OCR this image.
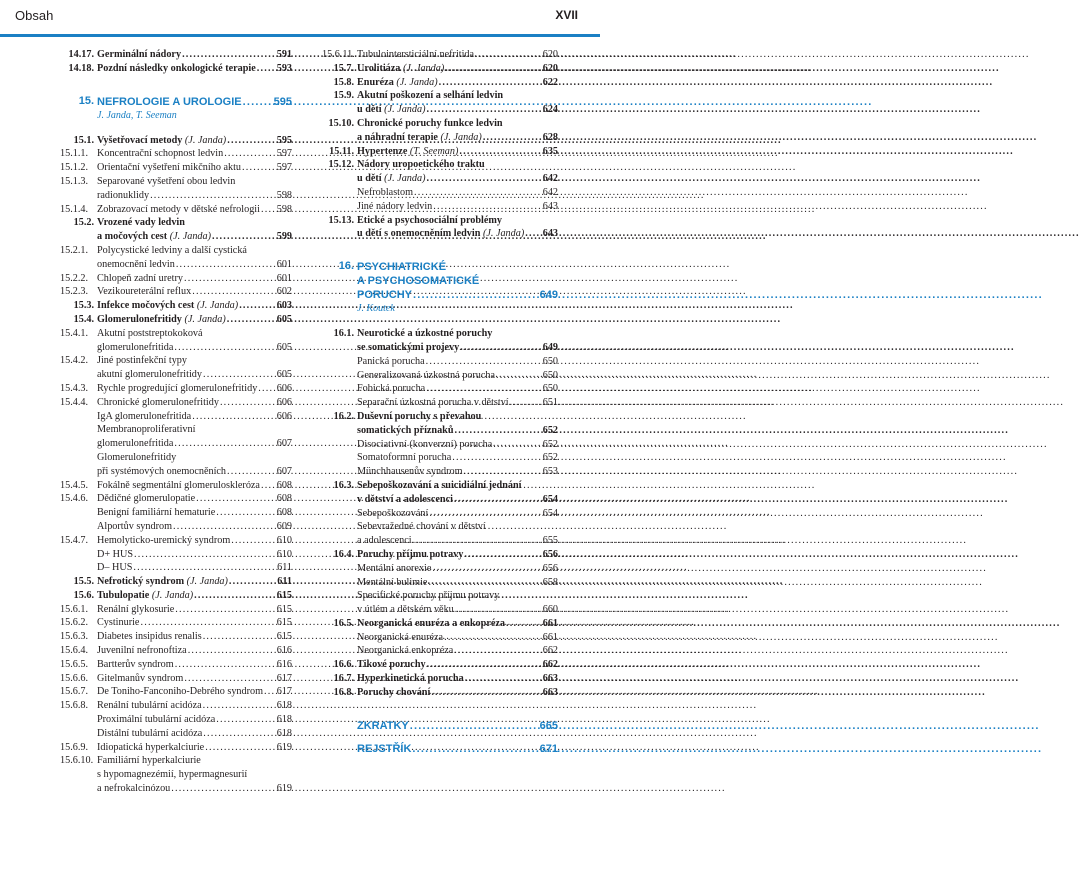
Obsah	XVII
14.17. Germinální nádory .....	591
14.18. Pozdní následky onkologické terapie ..... 593
15. NEFROLOGIE A UROLOGIE .....	595
J. Janda, T. Seeman
15.1. Vyšetřovací metody (J. Janda) .....	595
15.1.1. Koncentrační schopnost ledvin .....	597
15.1.2. Orientační vyšetření mikčního aktu .....	597
15.1.3. Separované vyšetření obou ledvin
radionuklidy .....	598
15.1.4. Zobrazovací metody v dětské nefrologii ..... 598
15.2. Vrozené vady ledvin
a močových cest (J. Janda) .....	599
15.2.1. Polycystické ledviny a další cystická
onemocnění ledvin .....	601
15.2.2. Chlopeň zadní uretry .....	601
15.2.3. Vezikoureterální reflux .....	602
15.3. Infekce močových cest (J. Janda) .....	603
15.4. Glomerulonefritidy (J. Janda) .....	605
15.4.1. Akutní poststreptokoková
glomerulonefritida .....	605
15.4.2. Jiné postinfekční typy
akutní glomerulonefritidy .....	605
15.4.3. Rychle progredující glomerulonefritidy ..... 606
15.4.4. Chronické glomerulonefritidy .....	606
IgA glomerulonefritida .....	606
Membranoproliferativní
glomerulonefritida .....	607
Glomerulonefritidy
při systémových onemocněních .....	607
15.4.5. Fokálně segmentální glomeruloskleróza ..... 608
15.4.6. Dědičné glomerulopatie .....	608
Benigní familiární hematurie .....	608
Alportův syndrom .....	609
15.4.7. Hemolyticko-uremický syndrom .....	610
D+ HUS .....	610
D– HUS .....	611
15.5. Nefrotický syndrom (J. Janda) .....	611
15.6. Tubulopatie (J. Janda) .....	615
15.6.1. Renální glykosurie .....	615
15.6.2. Cystinurie .....	615
15.6.3. Diabetes insipidus renalis .....	615
15.6.4. Juvenilní nefronoftiza .....	616
15.6.5. Bartterův syndrom .....	616
15.6.6. Gitelmanův syndrom .....	617
15.6.7. De Toniho-Fanconiho-Debrého syndrom ..... 617
15.6.8. Renální tubulární acidóza .....	618
Proximální tubulární acidóza .....	618
Distální tubulární acidóza .....	618
15.6.9. Idiopatická hyperkalciurie .....	619
15.6.10. Familiární hyperkalciurie
s hypomagnezémií, hypermagnesurií
a nefrokalcinózou .....	619
15.6.11. Tubulointersticiální nefritida .....	620
15.7. Urolitiáza (J. Janda) .....	620
15.8. Enuréza (J. Janda) .....	622
15.9. Akutní poškození a selhání ledvin
u dětí (J. Janda) .....	624
15.10. Chronické poruchy funkce ledvin
a náhradní terapie (J. Janda) .....	628
15.11. Hypertenze (T. Seeman) .....	635
15.12. Nádory uropoetického traktu
u dětí (J. Janda) .....	642
Nefroblastom .....	642
Jiné nádory ledvin .....	643
15.13. Etické a psychosociální problémy
u dětí s onemocněním ledvin (J. Janda) ..... 643
16. PSYCHIATRICKÉ
A PSYCHOSOMATICKÉ
PORUCHY .....	649
J. Koutek
16.1. Neurotické a úzkostné poruchy
se somatickými projevy .....	649
Panická porucha .....	650
Generalizovaná úzkostná porucha .....	650
Fobická porucha .....	650
Separační úzkostná porucha v dětství .....	651
16.2. Duševní poruchy s převahou
somatických příznaků .....	652
Disociativní (konverzní) porucha .....	652
Somatoformní porucha .....	652
Münchhausenův syndrom .....	653
16.3. Sebepoškozování a suicidiální jednání
v dětství a adolescenci .....	654
Sebepoškozování .....	654
Sebevražedné chování v dětství
a adolescenci .....	655
16.4. Poruchy příjmu potravy .....	656
Mentální anorexie .....	656
Mentální bulimie .....	658
Specifické poruchy příjmu potravy
v útlém a dětském věku .....	660
16.5. Neorganická enuréza a enkopréza .....	661
Neorganická enuréza .....	661
Neorganická enkopréza .....	662
16.6. Tikové poruchy .....	662
16.7. Hyperkinetická porucha .....	663
16.8. Poruchy chování .....	663
ZKRATKY .....	665
REJSTŘÍK .....	671
